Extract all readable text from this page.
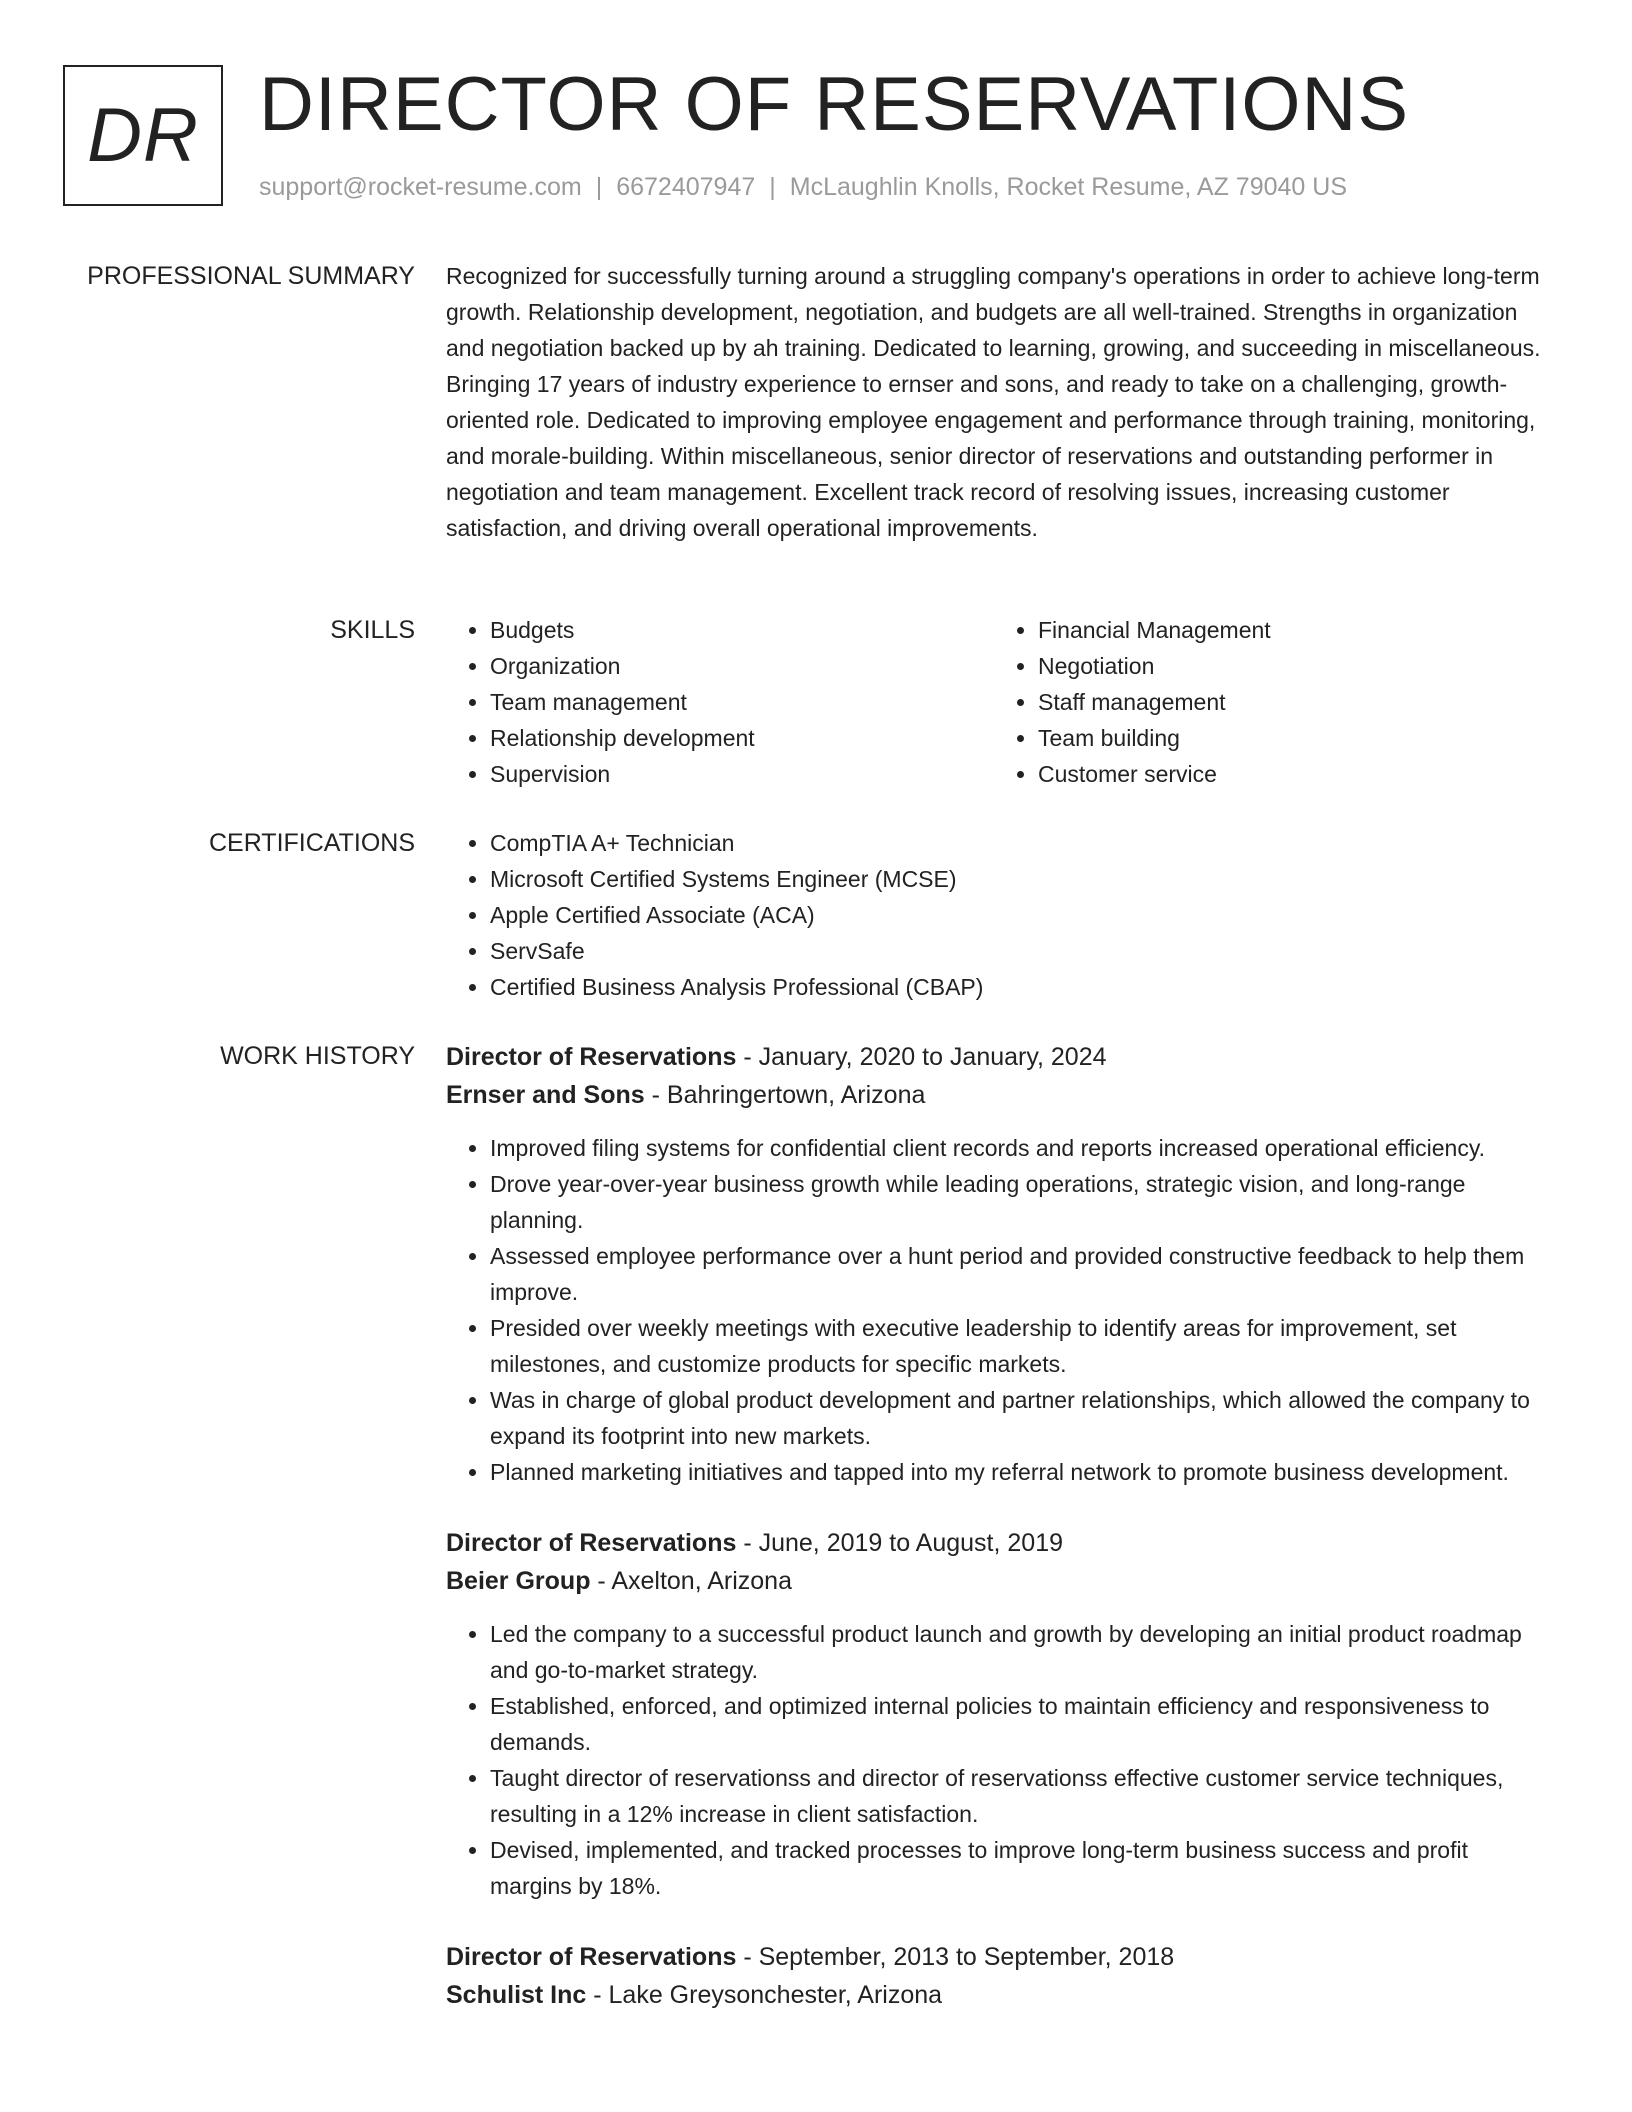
DR DIRECTOR OF RESERVATIONS
support@rocket-resume.com | 6672407947 | McLaughlin Knolls, Rocket Resume, AZ 79040 US
PROFESSIONAL SUMMARY Recognized for successfully turning around a struggling company's operations in order to achieve long-term growth. Relationship development, negotiation, and budgets are all well-trained. Strengths in organization and negotiation backed up by ah training. Dedicated to learning, growing, and succeeding in miscellaneous. Bringing 17 years of industry experience to ernser and sons, and ready to take on a challenging, growth-oriented role. Dedicated to improving employee engagement and performance through training, monitoring, and morale-building. Within miscellaneous, senior director of reservations and outstanding performer in negotiation and team management. Excellent track record of resolving issues, increasing customer satisfaction, and driving overall operational improvements.

SKILLS	• Budgets
• Organization
• Team management
• Relationship development
• Supervision
• Financial Management
• Negotiation
• Staff management
• Team building
• Customer service
CERTIFICATIONS	• CompTIA A+ Technician
• Microsoft Certified Systems Engineer (MCSE)
• Apple Certified Associate (ACA)
• ServSafe
• Certified Business Analysis Professional (CBAP)
WORK HISTORY Director of Reservations - January, 2020 to January, 2024
Ernser and Sons - Bahringertown, Arizona
• Improved filing systems for confidential client records and reports increased operational efficiency.
• Drove year-over-year business growth while leading operations, strategic vision, and long-range planning.
• Assessed employee performance over a hunt period and provided constructive feedback to help them improve.
• Presided over weekly meetings with executive leadership to identify areas for improvement, set milestones, and customize products for specific markets.
• Was in charge of global product development and partner relationships, which allowed the company to expand its footprint into new markets.
• Planned marketing initiatives and tapped into my referral network to promote business development.
Director of Reservations - June, 2019 to August, 2019
Beier Group - Axelton, Arizona
• Led the company to a successful product launch and growth by developing an initial product roadmap and go-to-market strategy.
• Established, enforced, and optimized internal policies to maintain efficiency and responsiveness to demands.
• Taught director of reservationss and director of reservationss effective customer service techniques, resulting in a 12% increase in client satisfaction.
• Devised, implemented, and tracked processes to improve long-term business success and profit margins by 18%.
Director of Reservations - September, 2013 to September, 2018
Schulist Inc - Lake Greysonchester, Arizona
